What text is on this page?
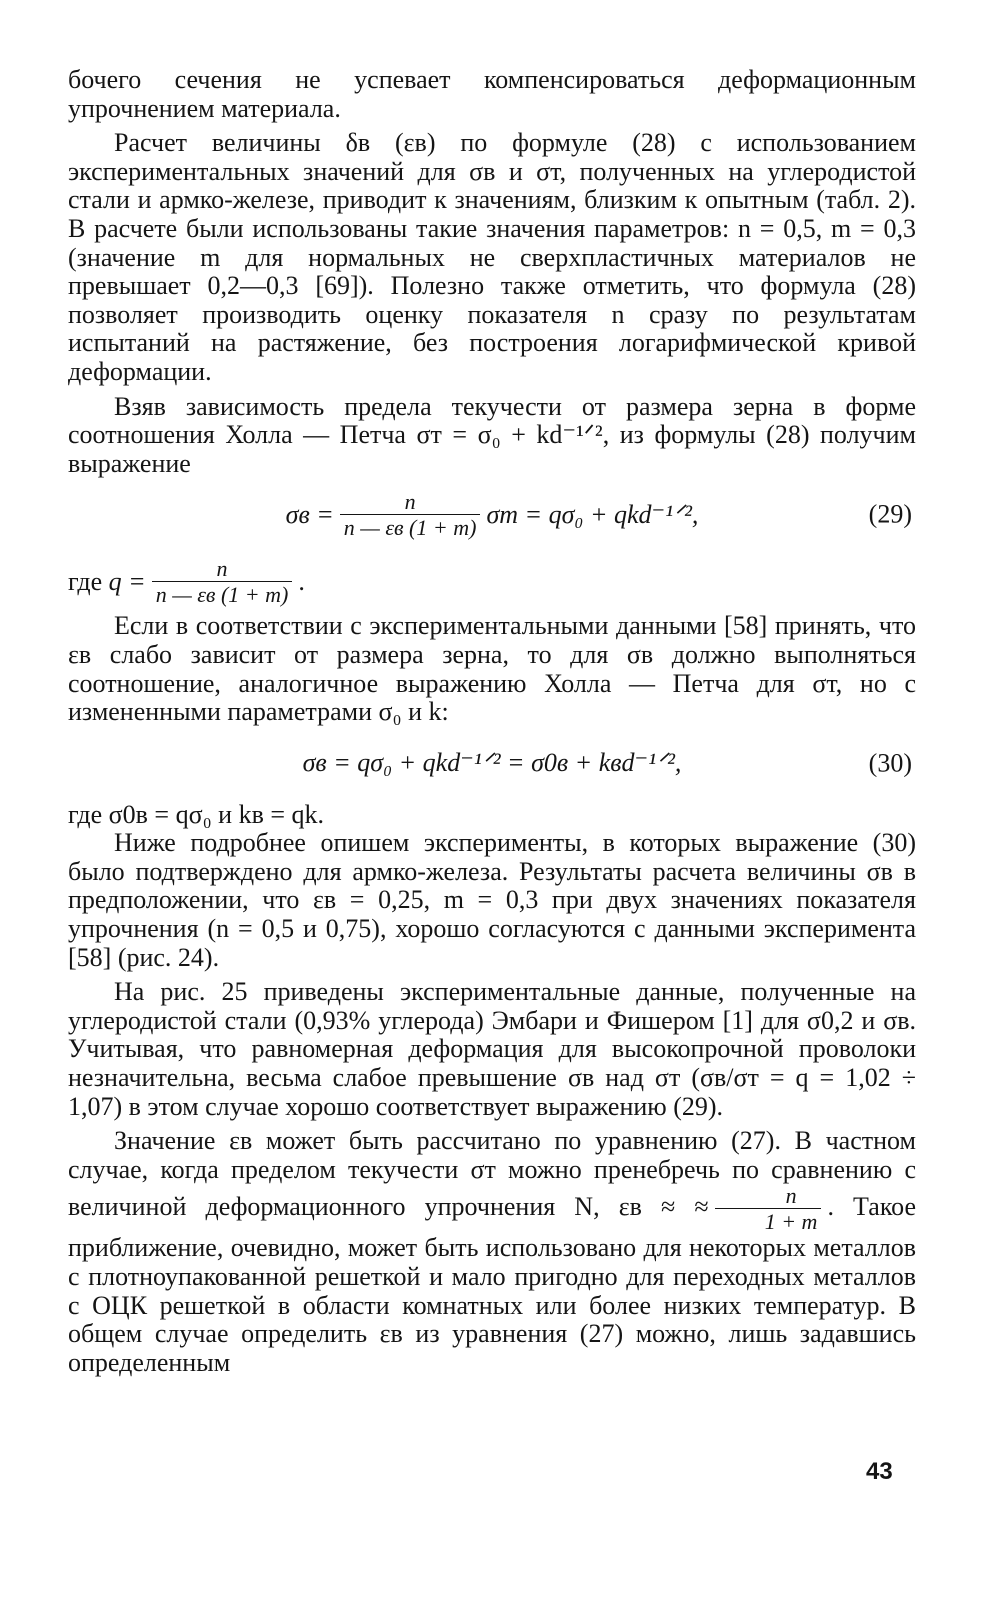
бочего сечения не успевает компенсироваться деформационным упрочнением материала.

Расчет величины δв (εв) по формуле (28) с использованием экспериментальных значений для σв и σт, полученных на углеродистой стали и армко-железе, приводит к значениям, близким к опытным (табл. 2). В расчете были использованы такие значения параметров: n = 0,5, m = 0,3 (значение m для нормальных не сверхпластичных материалов не превышает 0,2—0,3 [69]). Полезно также отметить, что формула (28) позволяет производить оценку показателя n сразу по результатам испытаний на растяжение, без построения логарифмической кривой деформации.

Взяв зависимость предела текучести от размера зерна в форме соотношения Холла — Петча σт = σ₀ + kd⁻¹ᐟ², из формулы (28) получим выражение

$\sigma в = \frac{n}{n — \varepsilon в (1 + m)}$ σт = qσ₀ + qkd⁻¹ᐟ²,	(29)
где
$q = \frac{n}{n — \varepsilon в (1 + m)}$ .

Если в соответствии с экспериментальными данными [58] принять, что εв слабо зависит от размера зерна, то для σв должно выполняться соотношение, аналогичное выражению Холла — Петча для σт, но с измененными параметрами σ₀ и k:

σв = qσ₀ + qkd⁻¹ᐟ² = σ0в + kвd⁻¹ᐟ²,	(30)

где σ0в = qσ₀ и kв = qk.

Ниже подробнее опишем эксперименты, в которых выражение (30) было подтверждено для армко-железа. Результаты расчета величины σв в предположении, что εв = 0,25, m = 0,3 при двух значениях показателя упрочнения (n = 0,5 и 0,75), хорошо согласуются с данными эксперимента [58] (рис. 24).

На рис. 25 приведены экспериментальные данные, полученные на углеродистой стали (0,93% углерода) Эмбари и Фишером [1] для σ0,2 и σв. Учитывая, что равномерная деформация для высокопрочной проволоки незначительна, весьма слабое превышение σв над σт (σв/σт = q = 1,02 ÷ 1,07) в этом случае хорошо соответствует выражению (29).

Значение εв может быть рассчитано по уравнению (27). В частном случае, когда пределом текучести σт можно пренебречь по сравнению с величиной деформационного упрочнения N, εв ≈ ≈ $\frac{n}{1 + m}$ . Такое приближение, очевидно, может быть использовано для некоторых металлов с плотноупакованной решеткой и мало пригодно для переходных металлов с ОЦК решеткой в области комнатных или более низких температур. В общем случае определить εв из уравнения (27) можно, лишь задавшись определенным

43
